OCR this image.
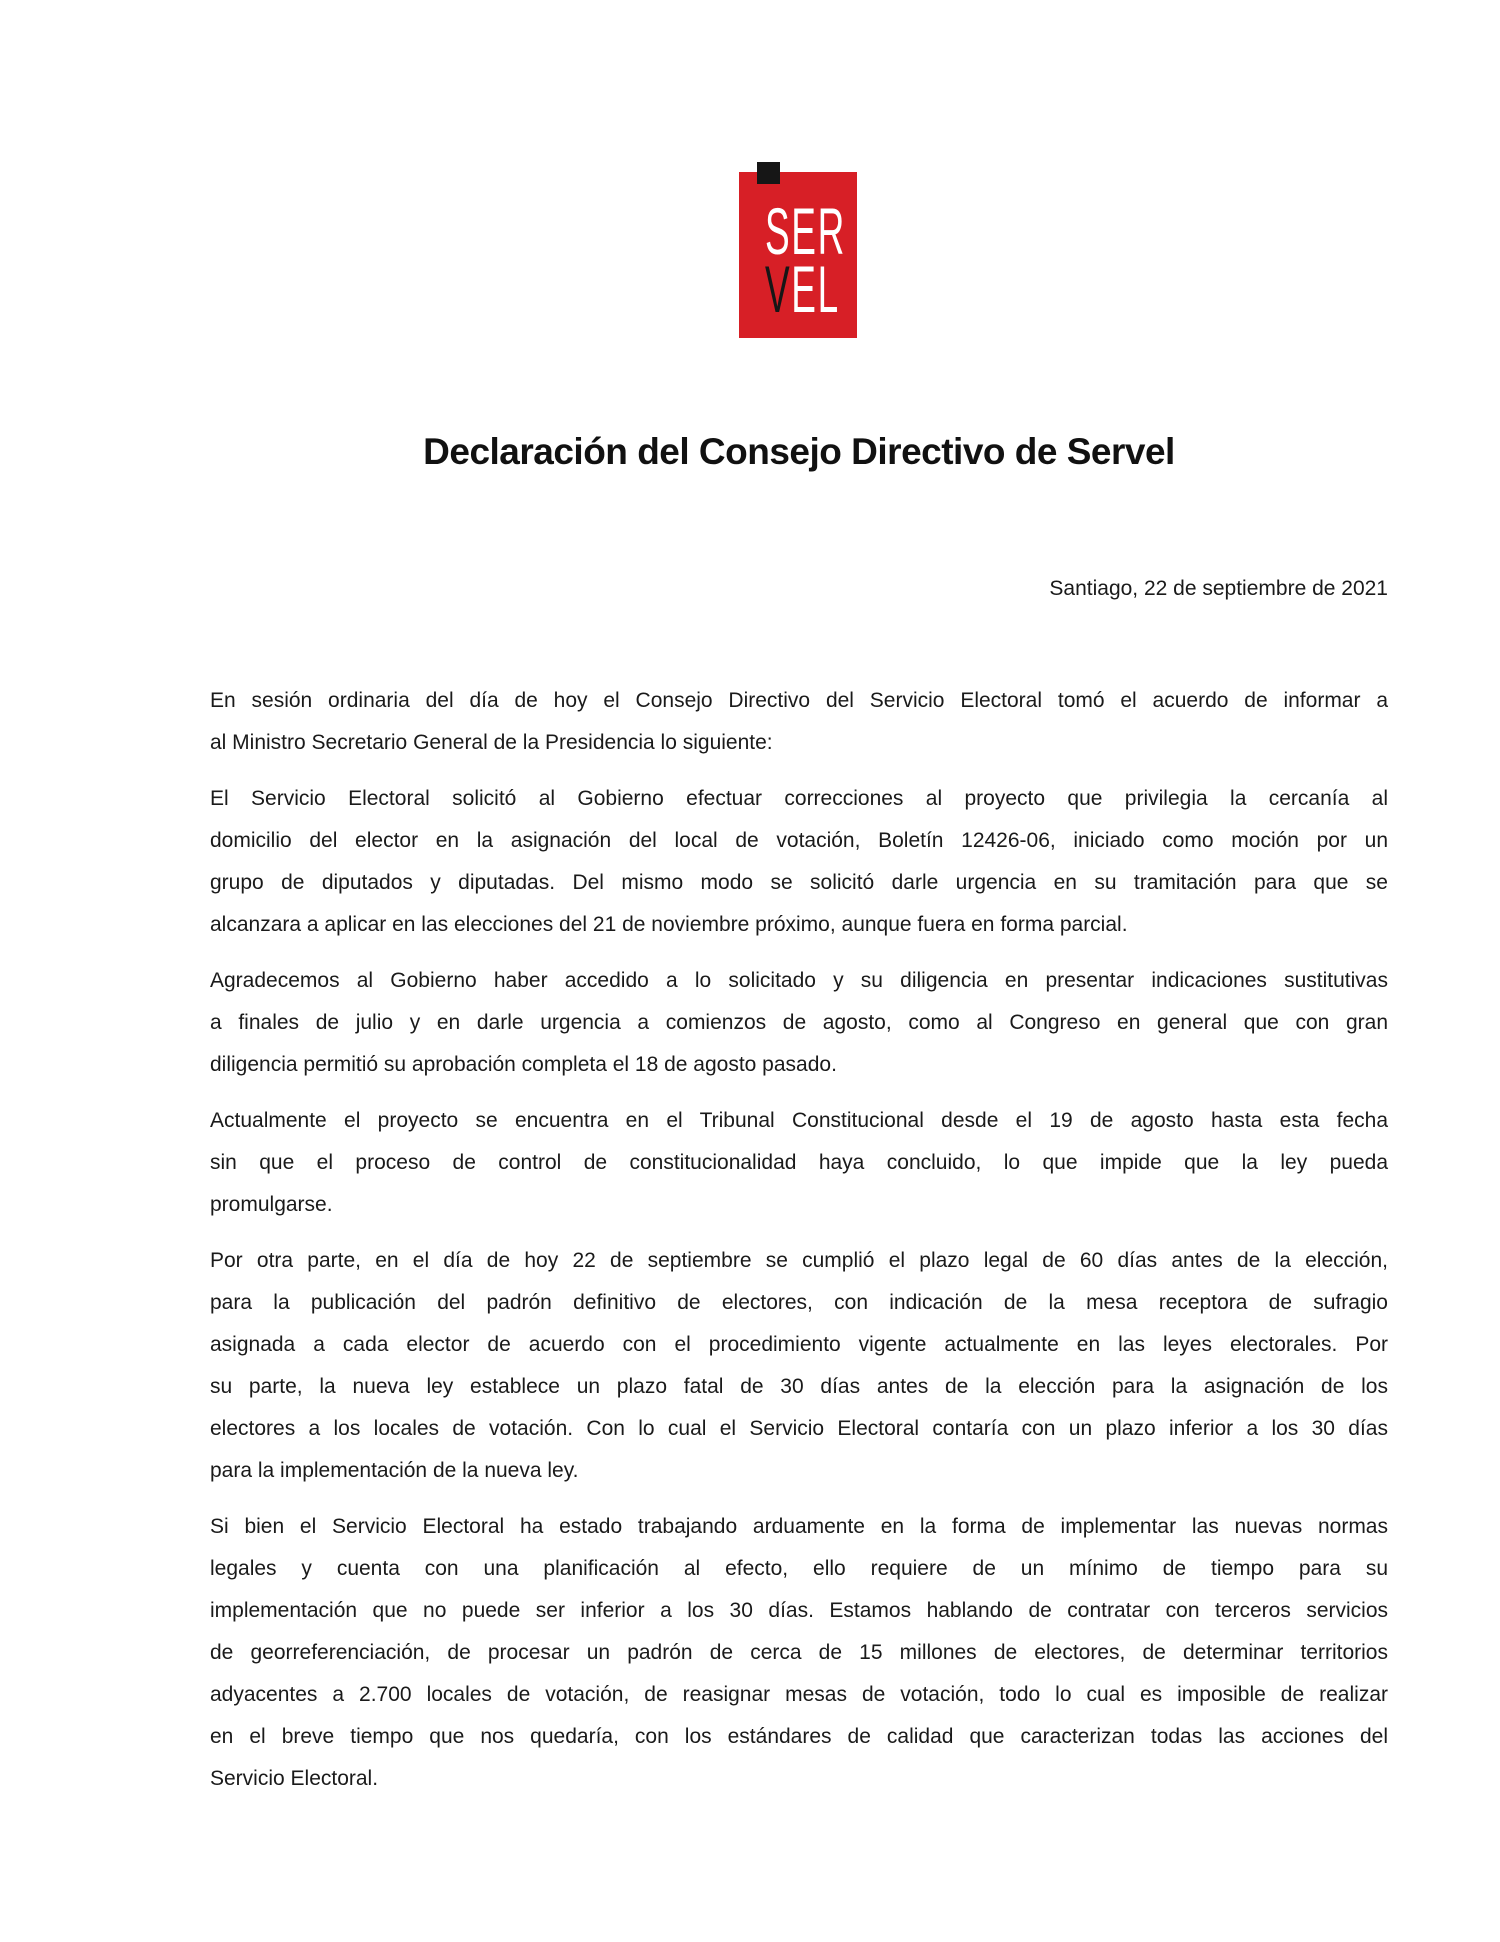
SER
VEL
Declaración del Consejo Directivo de Servel
Santiago, 22 de septiembre de 2021
En sesión ordinaria del día de hoy el Consejo Directivo del Servicio Electoral tomó el acuerdo de informar a
al Ministro Secretario General de la Presidencia lo siguiente:
El Servicio Electoral solicitó al Gobierno efectuar correcciones al proyecto que privilegia la cercanía al
domicilio del elector en la asignación del local de votación, Boletín 12426-06, iniciado como moción por un
grupo de diputados y diputadas. Del mismo modo se solicitó darle urgencia en su tramitación para que se
alcanzara a aplicar en las elecciones del 21 de noviembre próximo, aunque fuera en forma parcial.
Agradecemos al Gobierno haber accedido a lo solicitado y su diligencia en presentar indicaciones sustitutivas
a finales de julio y en darle urgencia a comienzos de agosto, como al Congreso en general que con gran
diligencia permitió su aprobación completa el 18 de agosto pasado.
Actualmente el proyecto se encuentra en el Tribunal Constitucional desde el 19 de agosto hasta esta fecha
sin que el proceso de control de constitucionalidad haya concluido, lo que impide que la ley pueda
promulgarse.
Por otra parte, en el día de hoy 22 de septiembre se cumplió el plazo legal de 60 días antes de la elección,
para la publicación del padrón definitivo de electores, con indicación de la mesa receptora de sufragio
asignada a cada elector de acuerdo con el procedimiento vigente actualmente en las leyes electorales. Por
su parte, la nueva ley establece un plazo fatal de 30 días antes de la elección para la asignación de los
electores a los locales de votación. Con lo cual el Servicio Electoral contaría con un plazo inferior a los 30 días
para la implementación de la nueva ley.
Si bien el Servicio Electoral ha estado trabajando arduamente en la forma de implementar las nuevas normas
legales y cuenta con una planificación al efecto, ello requiere de un mínimo de tiempo para su
implementación que no puede ser inferior a los 30 días. Estamos hablando de contratar con terceros servicios
de georreferenciación, de procesar un padrón de cerca de 15 millones de electores, de determinar territorios
adyacentes a 2.700 locales de votación, de reasignar mesas de votación, todo lo cual es imposible de realizar
en el breve tiempo que nos quedaría, con los estándares de calidad que caracterizan todas las acciones del
Servicio Electoral.
